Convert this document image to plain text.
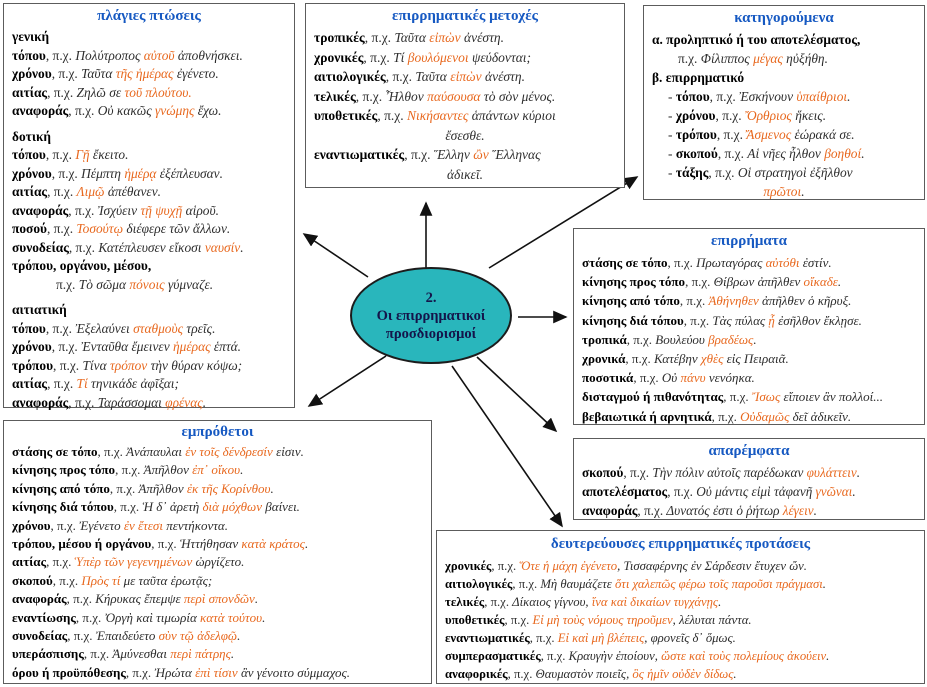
πλάγιες πτώσεις
γενική
τόπου, π.χ. Πολύτροπος αὐτοῦ ἀποθνήσκει.
χρόνου, π.χ. Ταῦτα τῆς ἡμέρας ἐγένετο.
αιτίας, π.χ. Ζηλῶ σε τοῦ πλούτου.
αναφοράς, π.χ. Οὐ κακῶς γνώμης ἔχω.
δοτική
τόπου, π.χ. Γῇ ἔκειτο.
χρόνου, π.χ. Πέμπτη ἡμέρᾳ ἐξέπλευσαν.
αιτίας, π.χ. Λιμῷ ἀπέθανεν.
αναφοράς, π.χ. Ἰσχύειν τῇ ψυχῇ αἱροῦ.
ποσού, π.χ. Τοσούτῳ διέφερε τῶν ἄλλων.
συνοδείας, π.χ. Κατέπλευσεν εἴκοσι ναυσίν.
τρόπου, οργάνου, μέσου,
π.χ. Τὸ σῶμα πόνοις γύμναζε.
αιτιατική
τόπου, π.χ. Ἐξελαύνει σταθμοὺς τρεῖς.
χρόνου, π.χ. Ἐνταῦθα ἔμεινεν ἡμέρας ἑπτά.
τρόπου, π.χ. Τίνα τρόπον τὴν θύραν κόψω;
αιτίας, π.χ. Τί τηνικάδε ἀφῖξαι;
αναφοράς, π.χ. Ταράσσομαι φρένας.
επιρρηματικές μετοχές
τροπικές, π.χ. Ταῦτα εἰπὼν ἀνέστη.
χρονικές, π.χ. Τί βουλόμενοι ψεύδονται;
αιτιολογικές, π.χ. Ταῦτα εἰπὼν ἀνέστη.
τελικές, π.χ. Ἦλθον παύσουσα τὸ σὸν μένος.
υποθετικές, π.χ. Νικήσαντες ἁπάντων κύριοι
ἔσεσθε.
εναντιωματικές, π.χ. Ἕλλην ὢν Ἕλληνας
ἀδικεῖ.
κατηγορούμενα
α. προληπτικό ή του αποτελέσματος,
π.χ. Φίλιππος μέγας ηὐξήθη.
β. επιρρηματικό
- τόπου, π.χ. Ἐσκήνουν ὑπαίθριοι.
- χρόνου, π.χ. Ὄρθριος ἥκεις.
- τρόπου, π.χ. Ἄσμενος ἑώρακά σε.
- σκοπού, π.χ. Αἱ νῆες ἦλθον βοηθοί.
- τάξης, π.χ. Οἱ στρατηγοὶ ἐξῆλθον
πρῶτοι.
επιρρήματα
στάσης σε τόπο, π.χ. Πρωταγόρας αὐτόθι ἐστίν.
κίνησης προς τόπο, π.χ. Θίβρων ἀπῆλθεν οἴκαδε.
κίνησης από τόπο, π.χ. Ἀθήνηθεν ἀπῆλθεν ὁ κῆρυξ.
κίνησης διά τόπου, π.χ. Τὰς πύλας ᾗ ἐσῆλθον ἔκλῃσε.
τροπικά, π.χ. Βουλεύου βραδέως.
χρονικά, π.χ. Κατέβην χθὲς εἰς Πειραιᾶ.
ποσοτικά, π.χ. Οὐ πάνυ νενόηκα.
δισταγμού ή πιθανότητας, π.χ. Ἴσως εἴποιεν ἂν πολλοί...
βεβαιωτικά ή αρνητικά, π.χ. Οὐδαμῶς δεῖ ἀδικεῖν.
απαρέμφατα
σκοπού, π.χ. Τὴν πόλιν αὐτοῖς παρέδωκαν φυλάττειν.
αποτελέσματος, π.χ. Οὐ μάντις εἰμὶ τἀφανῆ γνῶναι.
αναφοράς, π.χ. Δυνατός ἐστι ὁ ῥήτωρ λέγειν.
δευτερεύουσες επιρρηματικές προτάσεις
χρονικές, π.χ. Ὅτε ἡ μάχη ἐγένετο, Τισσαφέρνης ἐν Σάρδεσιν ἔτυχεν ὤν.
αιτιολογικές, π.χ. Μὴ θαυμάζετε ὅτι χαλεπῶς φέρω τοῖς παροῦσι πράγμασι.
τελικές, π.χ. Δίκαιος γίγνου, ἵνα καὶ δικαίων τυγχάνῃς.
υποθετικές, π.χ. Εἰ μὴ τοὺς νόμους τηροῦμεν, λέλυται πάντα.
εναντιωματικές, π.χ. Εἰ καὶ μὴ βλέπεις, φρονεῖς δ᾿ ὅμως.
συμπερασματικές, π.χ. Κραυγὴν ἐποίουν, ὥστε καὶ τοὺς πολεμίους ἀκούειν.
αναφορικές, π.χ. Θαυμαστὸν ποιεῖς, ὃς ἡμῖν οὐδὲν δίδως.
εμπρόθετοι
στάσης σε τόπο, π.χ. Ἀνάπαυλαι ἐν τοῖς δένδρεσίν εἰσιν.
κίνησης προς τόπο, π.χ. Ἀπῆλθον ἐπ᾿ οἴκου.
κίνησης από τόπο, π.χ. Ἀπῆλθον ἐκ τῆς Κορίνθου.
κίνησης διά τόπου, π.χ. Ἡ δ᾿ ἀρετὴ διὰ μόχθων βαίνει.
χρόνου, π.χ. Ἐγένετο ἐν ἔτεσι πεντήκοντα.
τρόπου, μέσου ή οργάνου, π.χ. Ἡττήθησαν κατὰ κράτος.
αιτίας, π.χ. Ὑπὲρ τῶν γεγενημένων ὠργίζετο.
σκοπού, π.χ. Πρὸς τί με ταῦτα ἐρωτᾷς;
αναφοράς, π.χ. Κήρυκας ἔπεμψε περὶ σπονδῶν.
εναντίωσης, π.χ. Ὀργὴ καὶ τιμωρία κατὰ τούτου.
συνοδείας, π.χ. Ἐπαιδεύετο σὺν τῷ ἀδελφῷ.
υπεράσπισης, π.χ. Ἀμύνεσθαι περὶ πάτρης.
όρου ή προϋπόθεσης, π.χ. Ἠρώτα ἐπὶ τίσιν ἂν γένοιτο σύμμαχος.
2.
Οι επιρρηματικοί
προσδιορισμοί
